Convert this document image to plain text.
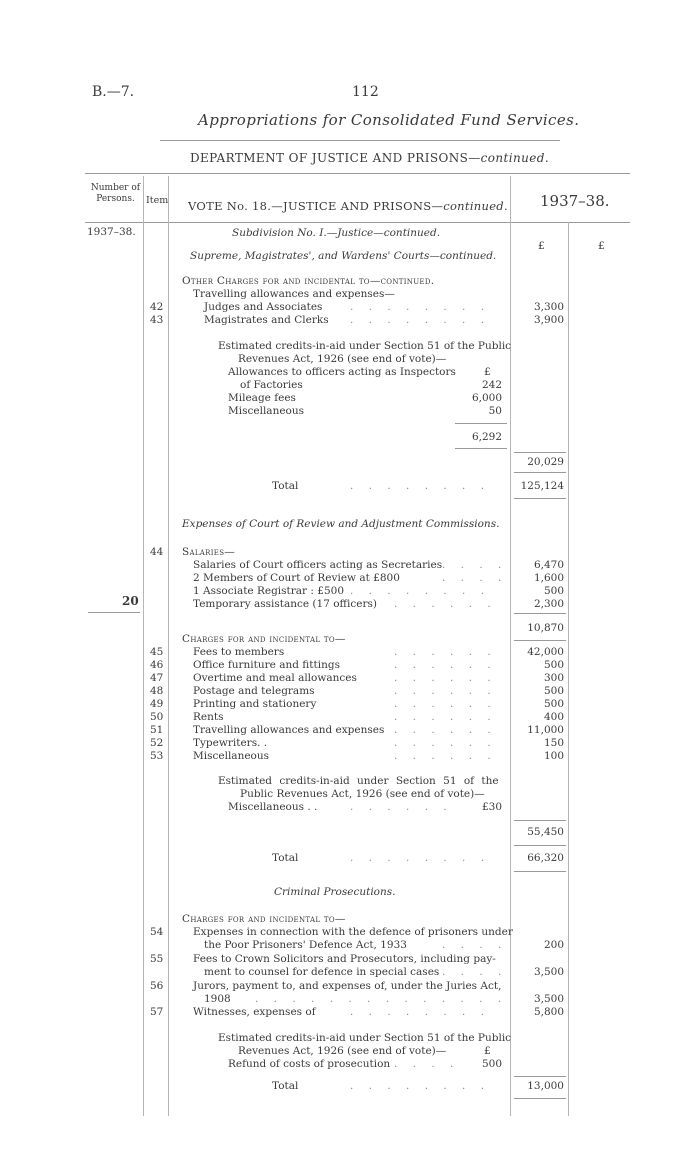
B.—7.	112
Appropriations for Consolidated Fund Services.
DEPARTMENT OF JUSTICE AND PRISONS—continued.
Number of
Persons.	Item VOTE No. 18.—JUSTICE AND PRISONS—continued. 1937–38.
1937–38.
£	£
Subdivision No. I.—Justice—continued.
Supreme, Magistrates', and Wardens' Courts—continued.
Other Charges for and incidental to—continued.
Travelling allowances and expenses—
42	Judges and Associates	. . . . . . . .	3,300
43	Magistrates and Clerks . . . . . . . .	3,900
Estimated credits-in-aid under Section 51 of the Public
Revenues Act, 1926 (see end of vote)—
Allowances to officers acting as Inspectors	£
of Factories	242
Mileage fees	6,000
Miscellaneous	50
6,292
20,029
Total	. . . . . . . .	125,124
Expenses of Court of Review and Adjustment Commissions.
44 Salaries—
Salaries of Court officers acting as Secretaries . . . .	6,470
2 Members of Court of Review at £800	. . . .	1,600
1 Associate Registrar : £500 . . . . . . . .	500
20	Temporary assistance (17 officers) . . . . . .	2,300
10,870
Charges for and incidental to—
45	Fees to members	. . . . . .	42,000
46	Office furniture and fittings	. . . . . .	500
47	Overtime and meal allowances	. . . . . .	300
48	Postage and telegrams	. . . . . .	500
49	Printing and stationery	. . . . . .	500
50	Rents	. . . . . .	400
51	Travelling allowances and expenses . . . . . .	11,000
52	Typewriters. .	. . . . . .	150
53	Miscellaneous	. . . . . .	100
Estimated credits-in-aid under Section 51 of the
Public Revenues Act, 1926 (see end of vote)—
Miscellaneous . .	. . . . . .	£30
55,450
Total	. . . . . . . .	66,320
Criminal Prosecutions.
Charges for and incidental to—
54	Expenses in connection with the defence of prisoners under
the Poor Prisoners' Defence Act, 1933	. . . .	200
55	Fees to Crown Solicitors and Prosecutors, including pay-
ment to counsel for defence in special cases . . . .	3,500
56	Jurors, payment to, and expenses of, under the Juries Act,
1908 . . . . . . . . . . . . . .	3,500
57	Witnesses, expenses of	. . . . . . . .	5,800
Estimated credits-in-aid under Section 51 of the Public
Revenues Act, 1926 (see end of vote)—	£
Refund of costs of prosecution . . . .	500
Total	. . . . . . . .	13,000
